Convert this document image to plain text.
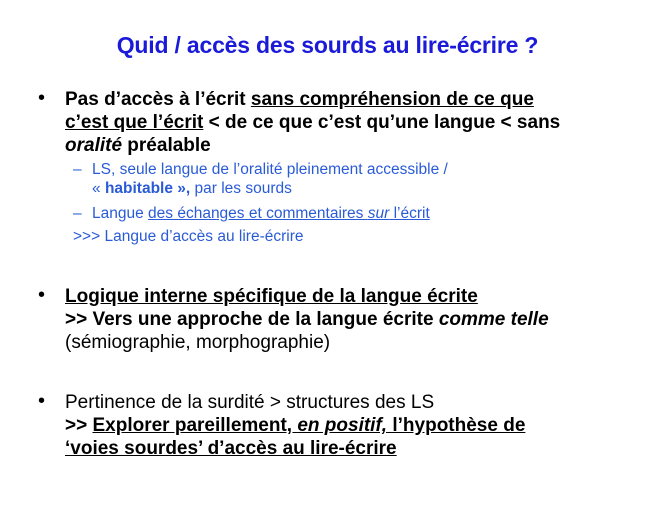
Quid / accès des sourds au lire-écrire ?
• Pas d’accès à l’écrit sans compréhension de ce que
c’est que l’écrit < de ce que c’est qu’une langue < sans
oralité préalable
– LS, seule langue de l’oralité pleinement accessible /
« habitable », par les sourds
– Langue des échanges et commentaires sur l’écrit
>>> Langue d’accès au lire-écrire
• Logique interne spécifique de la langue écrite
>> Vers une approche de la langue écrite comme telle
(sémiographie, morphographie)
• Pertinence de la surdité > structures des LS
>> Explorer pareillement, en positif, l’hypothèse de
‘voies sourdes’ d’accès au lire-écrire
